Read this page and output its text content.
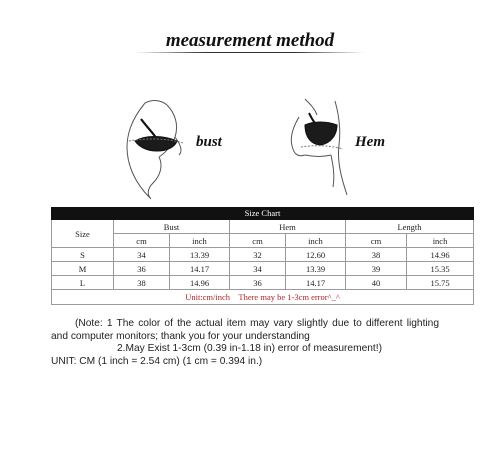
measurement method
bust	Hem
Size Chart						
Size	Bust		Hem		Length	
	cm	inch	cm	inch	cm	inch
S	34	13.39	32	12.60	38	14.96
M	36	14.17	34	13.39	39	15.35
L	38	14.96	36	14.17	40	15.75
Unit:cm/inch    There may be 1-3cm error^_^						

(Note: 1 The color of the actual item may vary slightly due to different lighting and computer monitors; thank you for your understanding

2.May Exist 1-3cm (0.39 in-1.18 in) error of measurement!)

UNIT: CM (1 inch = 2.54 cm) (1 cm = 0.394 in.)
